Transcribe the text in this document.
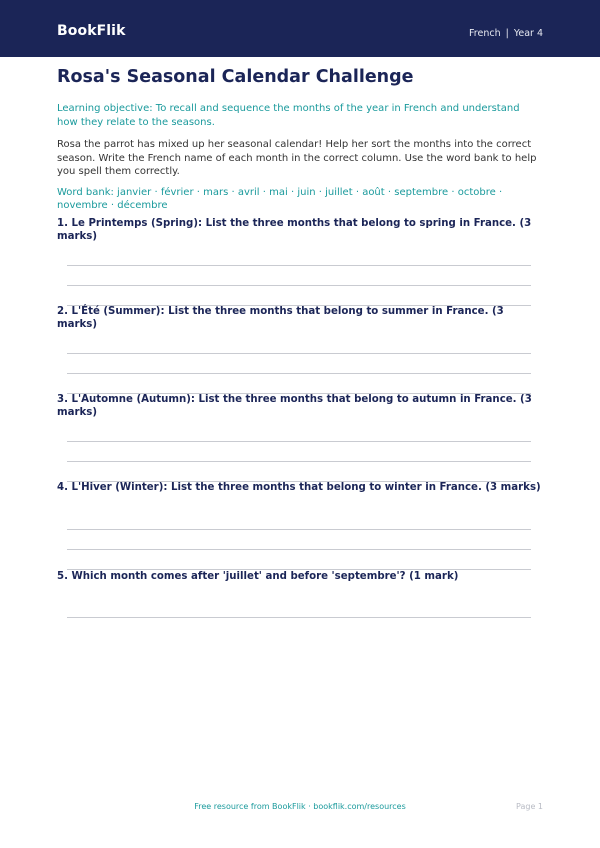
BookFlik	French | Year 4
Rosa's Seasonal Calendar Challenge

Learning objective: To recall and sequence the months of the year in French and understand how they relate to the seasons.

Rosa the parrot has mixed up her seasonal calendar! Help her sort the months into the correct season. Write the French name of each month in the correct column. Use the word bank to help you spell them correctly.

Word bank: janvier · février · mars · avril · mai · juin · juillet · août · septembre · octobre · novembre · décembre

1. Le Printemps (Spring): List the three months that belong to spring in France. (3 marks)
2. L'Été (Summer): List the three months that belong to summer in France. (3 marks)
3. L'Automne (Autumn): List the three months that belong to autumn in France. (3 marks)
4. L'Hiver (Winter): List the three months that belong to winter in France. (3 marks)
5. Which month comes after 'juillet' and before 'septembre'? (1 mark)
Free resource from BookFlik · bookflik.com/resources	Page 1
